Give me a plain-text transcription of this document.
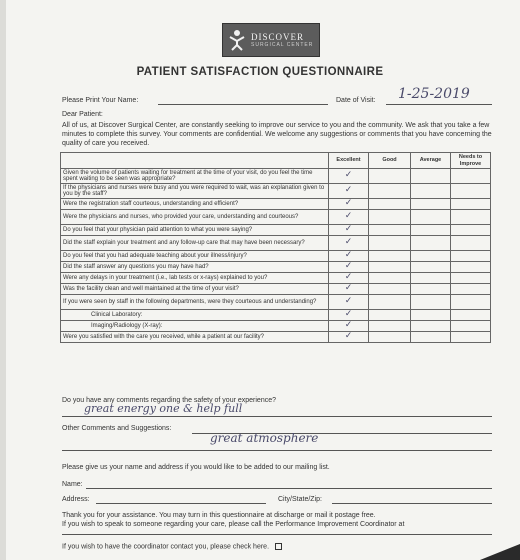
DISCOVER
SURGICAL CENTER
PATIENT SATISFACTION QUESTIONNAIRE
Please Print Your Name:	Date of Visit: 1-25-2019
Dear Patient:
All of us, at Discover Surgical Center, are constantly seeking to improve our service to you and the community. We ask that you take a few minutes to complete this survey. Your comments are confidential. We welcome any suggestions or comments that you have concerning the quality of care you received.
	Excellent	Good	Average	Needs to Improve
Given the volume of patients waiting for treatment at the time of your visit, do you feel the time spent waiting to be seen was appropriate?	✓			
If the physicians and nurses were busy and you were required to wait, was an explanation given to you by the staff?	✓			
Were the registration staff courteous, understanding and efficient?	✓			
Were the physicians and nurses, who provided your care, understanding and courteous?	✓			
Do you feel that your physician paid attention to what you were saying?	✓			
Did the staff explain your treatment and any follow-up care that may have been necessary?	✓			
Do you feel that you had adequate teaching about your illness/injury?	✓			
Did the staff answer any questions you may have had?	✓			
Were any delays in your treatment (i.e., lab tests or x-rays) explained to you?	✓			
Was the facility clean and well maintained at the time of your visit?	✓			
If you were seen by staff in the following departments, were they courteous and understanding?	✓			
Clinical Laboratory:	✓			
Imaging/Radiology (X-ray):	✓			
Were you satisfied with the care you received, while a patient at our facility?	✓			
Do you have any comments regarding the safety of your experience?
great energy one & help full
Other Comments and Suggestions:
great atmosphere
Please give us your name and address if you would like to be added to our mailing list.
Name:
Address:	City/State/Zip:
Thank you for your assistance. You may turn in this questionnaire at discharge or mail it postage free.
If you wish to speak to someone regarding your care, please call the Performance Improvement Coordinator at
If you wish to have the coordinator contact you, please check here.
